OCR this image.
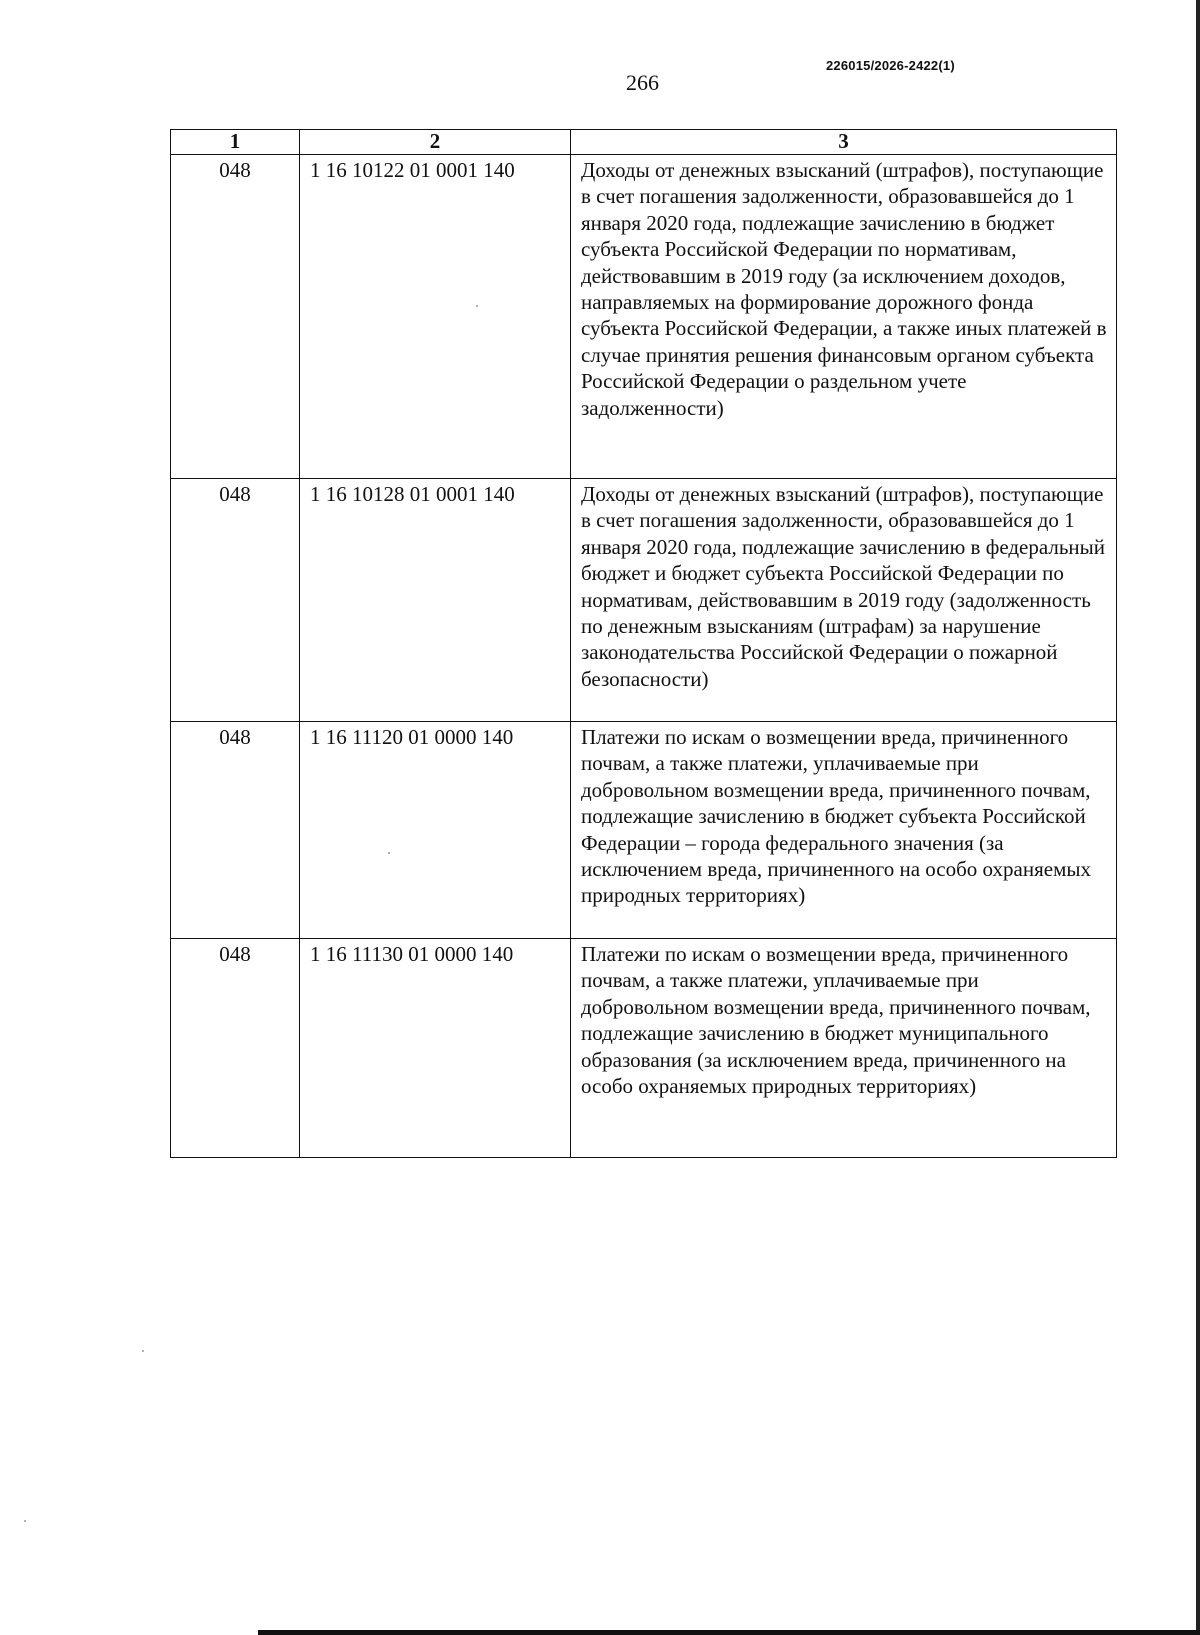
226015/2026-2422(1)
266
1	2	3
048	1 16 10122 01 0001 140	Доходы от денежных взысканий (штрафов), поступающие в счет погашения задолженности, образовавшейся до 1 января 2020 года, подлежащие зачислению в бюджет субъекта Российской Федерации по нормативам, действовавшим в 2019 году (за исключением доходов, направляемых на формирование дорожного фонда субъекта Российской Федерации, а также иных платежей в случае принятия решения финансовым органом субъекта Российской Федерации о раздельном учете задолженности)
048	1 16 10128 01 0001 140	Доходы от денежных взысканий (штрафов), поступающие в счет погашения задолженности, образовавшейся до 1 января 2020 года, подлежащие зачислению в федеральный бюджет и бюджет субъекта Российской Федерации по нормативам, действовавшим в 2019 году (задолженность по денежным взысканиям (штрафам) за нарушение законодательства Российской Федерации о пожарной безопасности)
048	1 16 11120 01 0000 140	Платежи по искам о возмещении вреда, причиненного почвам, а также платежи, уплачиваемые при добровольном возмещении вреда, причиненного почвам, подлежащие зачислению в бюджет субъекта Российской Федерации – города федерального значения (за исключением вреда, причиненного на особо охраняемых природных территориях)
048	1 16 11130 01 0000 140	Платежи по искам о возмещении вреда, причиненного почвам, а также платежи, уплачиваемые при добровольном возмещении вреда, причиненного почвам, подлежащие зачислению в бюджет муниципального образования (за исключением вреда, причиненного на особо охраняемых природных территориях)
